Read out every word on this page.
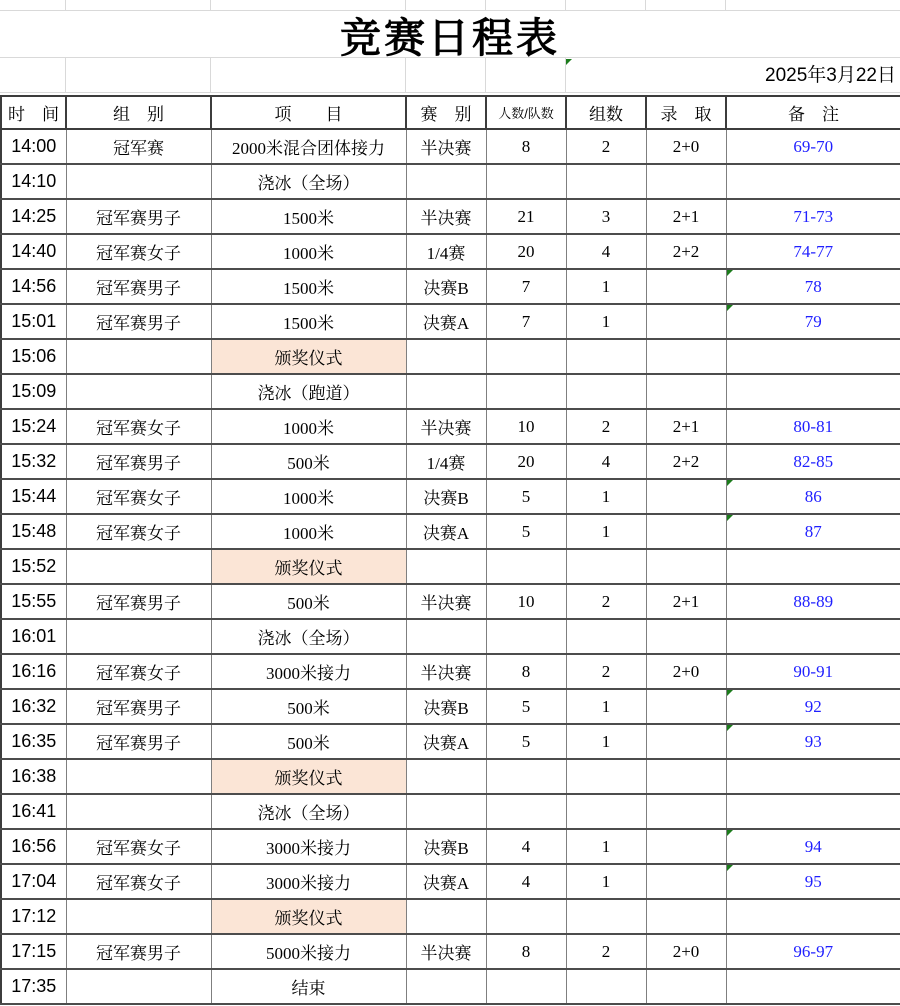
竞赛日程表
2025年3月22日
时　间	组　别	项　　目	赛　别	人数/队数	组数	录　取	备　注
14:00	冠军赛	2000米混合团体接力	半决赛	8	2	2+0	69-70
14:10		浇冰（全场）					
14:25	冠军赛男子	1500米	半决赛	21	3	2+1	71-73
14:40	冠军赛女子	1000米	1/4赛	20	4	2+2	74-77
14:56	冠军赛男子	1500米	决赛B	7	1		78

15:01	冠军赛男子	1500米	决赛A	7	1		79

15:06		颁奖仪式					
15:09		浇冰（跑道）					
15:24	冠军赛女子	1000米	半决赛	10	2	2+1	80-81
15:32	冠军赛男子	500米	1/4赛	20	4	2+2	82-85
15:44	冠军赛女子	1000米	决赛B	5	1		86

15:48	冠军赛女子	1000米	决赛A	5	1		87

15:52		颁奖仪式					
15:55	冠军赛男子	500米	半决赛	10	2	2+1	88-89
16:01		浇冰（全场）					
16:16	冠军赛女子	3000米接力	半决赛	8	2	2+0	90-91
16:32	冠军赛男子	500米	决赛B	5	1		92

16:35	冠军赛男子	500米	决赛A	5	1		93

16:38		颁奖仪式					
16:41		浇冰（全场）					
16:56	冠军赛女子	3000米接力	决赛B	4	1		94

17:04	冠军赛女子	3000米接力	决赛A	4	1		95

17:12		颁奖仪式					
17:15	冠军赛男子	5000米接力	半决赛	8	2	2+0	96-97
17:35		结束					
